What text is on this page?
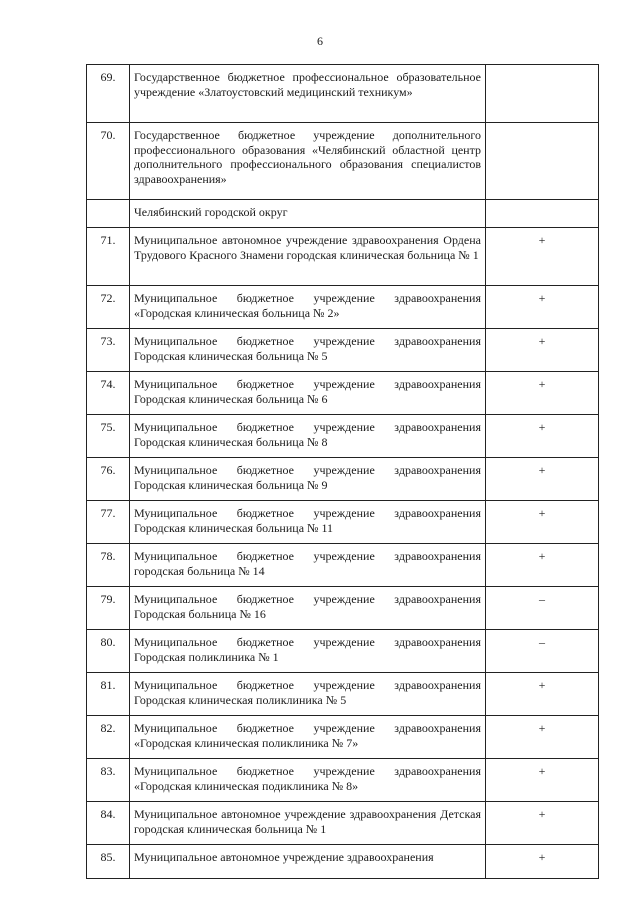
6
69.	Государственное бюджетное профессиональное образовательное учреждение «Златоустовский медицинский техникум»	
70.	Государственное бюджетное учреждение дополнительного профессионального образования «Челябинский областной центр дополнительного профессионального образования специалистов здравоохранения»	
	Челябинский городской округ	
71.	Муниципальное автономное учреждение здравоохранения Ордена Трудового Красного Знамени городская клиническая больница № 1	+
72.	Муниципальное бюджетное учреждение здравоохранения «Городская клиническая больница № 2»	+
73.	Муниципальное бюджетное учреждение здравоохранения Городская клиническая больница № 5	+
74.	Муниципальное бюджетное учреждение здравоохранения Городская клиническая больница № 6	+
75.	Муниципальное бюджетное учреждение здравоохранения Городская клиническая больница № 8	+
76.	Муниципальное бюджетное учреждение здравоохранения Городская клиническая больница № 9	+
77.	Муниципальное бюджетное учреждение здравоохранения Городская клиническая больница № 11	+
78.	Муниципальное бюджетное учреждение здравоохранения городская больница № 14	+
79.	Муниципальное бюджетное учреждение здравоохранения Городская больница № 16	–
80.	Муниципальное бюджетное учреждение здравоохранения Городская поликлиника № 1	–
81.	Муниципальное бюджетное учреждение здравоохранения Городская клиническая поликлиника № 5	+
82.	Муниципальное бюджетное учреждение здравоохранения «Городская клиническая поликлиника № 7»	+
83.	Муниципальное бюджетное учреждение здравоохранения «Городская клиническая подиклиника № 8»	+
84.	Муниципальное автономное учреждение здравоохранения Детская городская клиническая больница № 1	+
85.	Муниципальное автономное учреждение здравоохранения	+
